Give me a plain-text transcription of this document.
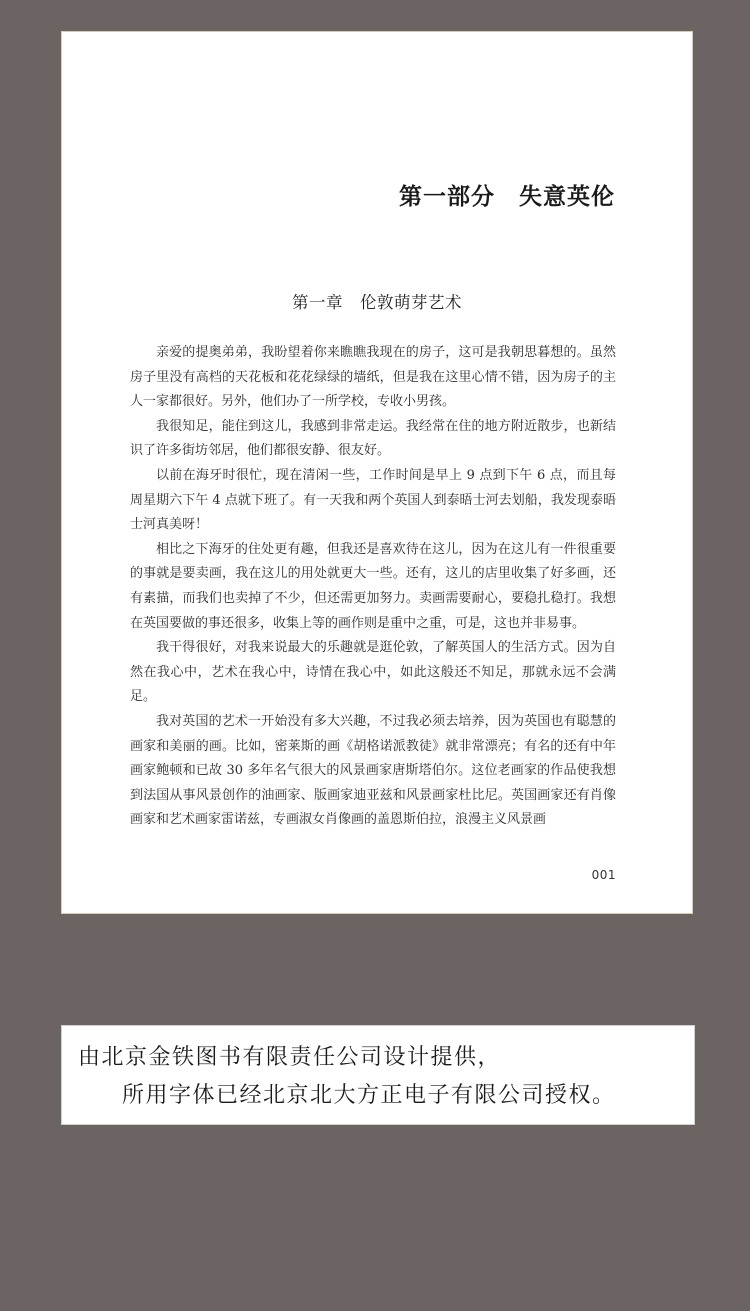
第一部分　失意英伦
第一章　伦敦萌芽艺术

亲爱的提奥弟弟，我盼望着你来瞧瞧我现在的房子，这可是我朝思暮想的。虽然房子里没有高档的天花板和花花绿绿的墙纸，但是我在这里心情不错，因为房子的主人一家都很好。另外，他们办了一所学校，专收小男孩。

我很知足，能住到这儿，我感到非常走运。我经常在住的地方附近散步，也新结识了许多街坊邻居，他们都很安静、很友好。

以前在海牙时很忙，现在清闲一些，工作时间是早上 9 点到下午 6 点，而且每周星期六下午 4 点就下班了。有一天我和两个英国人到泰晤士河去划船，我发现泰晤士河真美呀！

相比之下海牙的住处更有趣，但我还是喜欢待在这儿，因为在这儿有一件很重要的事就是要卖画，我在这儿的用处就更大一些。还有，这儿的店里收集了好多画，还有素描，而我们也卖掉了不少，但还需更加努力。卖画需要耐心，要稳扎稳打。我想在英国要做的事还很多，收集上等的画作则是重中之重，可是，这也并非易事。

我干得很好，对我来说最大的乐趣就是逛伦敦，了解英国人的生活方式。因为自然在我心中，艺术在我心中，诗情在我心中，如此这般还不知足，那就永远不会满足。

我对英国的艺术一开始没有多大兴趣，不过我必须去培养，因为英国也有聪慧的画家和美丽的画。比如，密莱斯的画《胡格诺派教徒》就非常漂亮；有名的还有中年画家鲍顿和已故 30 多年名气很大的风景画家唐斯塔伯尔。这位老画家的作品使我想到法国从事风景创作的油画家、版画家迪亚兹和风景画家杜比尼。英国画家还有肖像画家和艺术画家雷诺兹，专画淑女肖像画的盖恩斯伯拉，浪漫主义风景画

001
由北京金铁图书有限责任公司设计提供，
所用字体已经北京北大方正电子有限公司授权。
